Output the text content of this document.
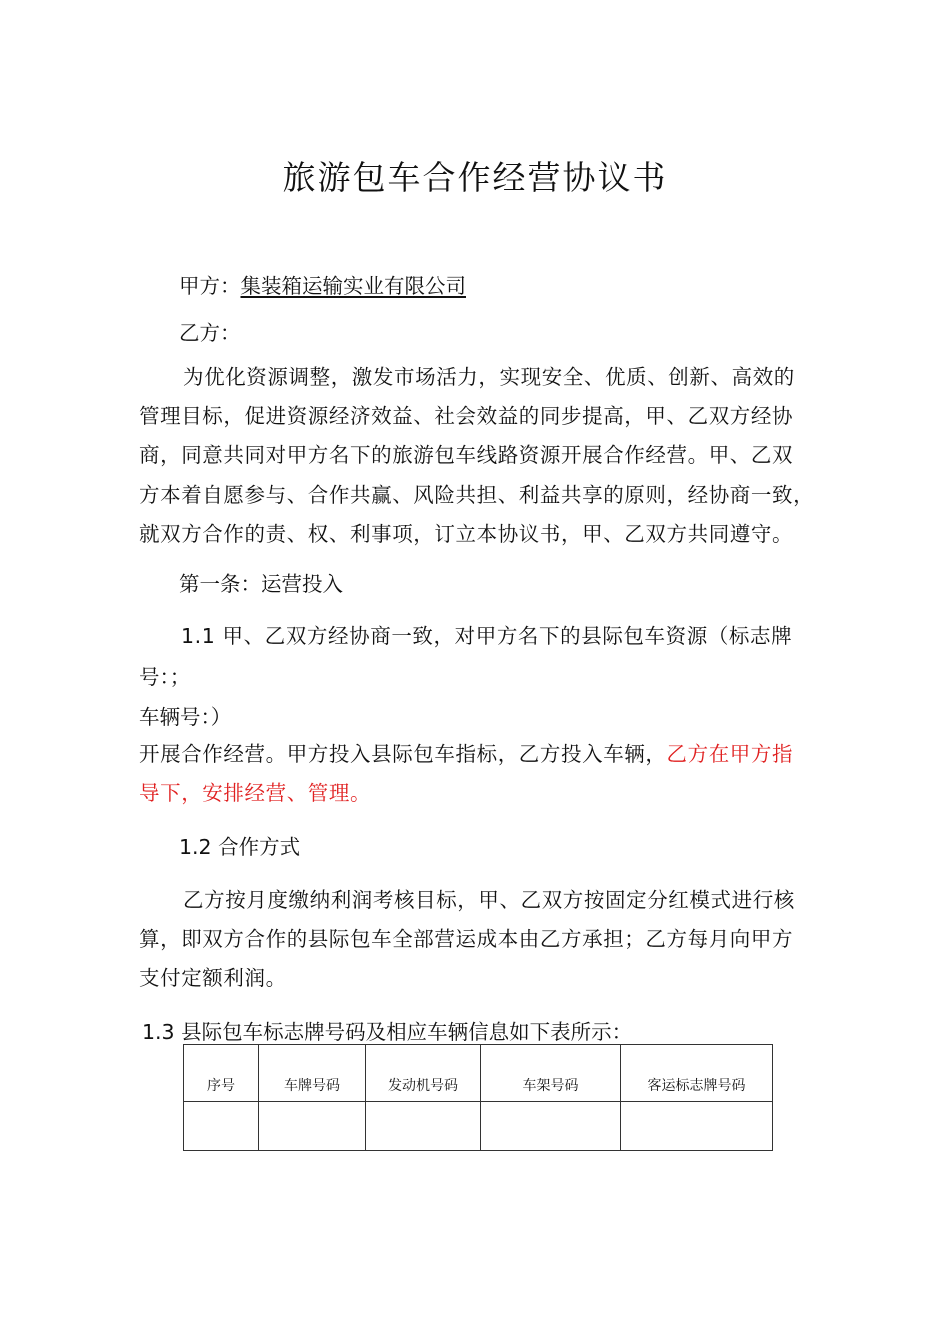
旅游包车合作经营协议书
甲方：集装箱运输实业有限公司
乙方：
为优化资源调整，激发市场活力，实现安全、优质、创新、高效的
管理目标，促进资源经济效益、社会效益的同步提高，甲、乙双方经协
商，同意共同对甲方名下的旅游包车线路资源开展合作经营。甲、乙双
方本着自愿参与、合作共赢、风险共担、利益共享的原则，经协商一致，
就双方合作的责、权、利事项，订立本协议书，甲、乙双方共同遵守。
第一条：运营投入
1.1 甲、乙双方经协商一致，对甲方名下的县际包车资源（标志牌
号：；
车辆号：）
开展合作经营。甲方投入县际包车指标，乙方投入车辆，乙方在甲方指
导下，安排经营、管理。
1.2 合作方式
乙方按月度缴纳利润考核目标，甲、乙双方按固定分红模式进行核
算，即双方合作的县际包车全部营运成本由乙方承担；乙方每月向甲方
支付定额利润。
1.3 县际包车标志牌号码及相应车辆信息如下表所示：
序号	车牌号码	发动机号码	车架号码	客运标志牌号码
